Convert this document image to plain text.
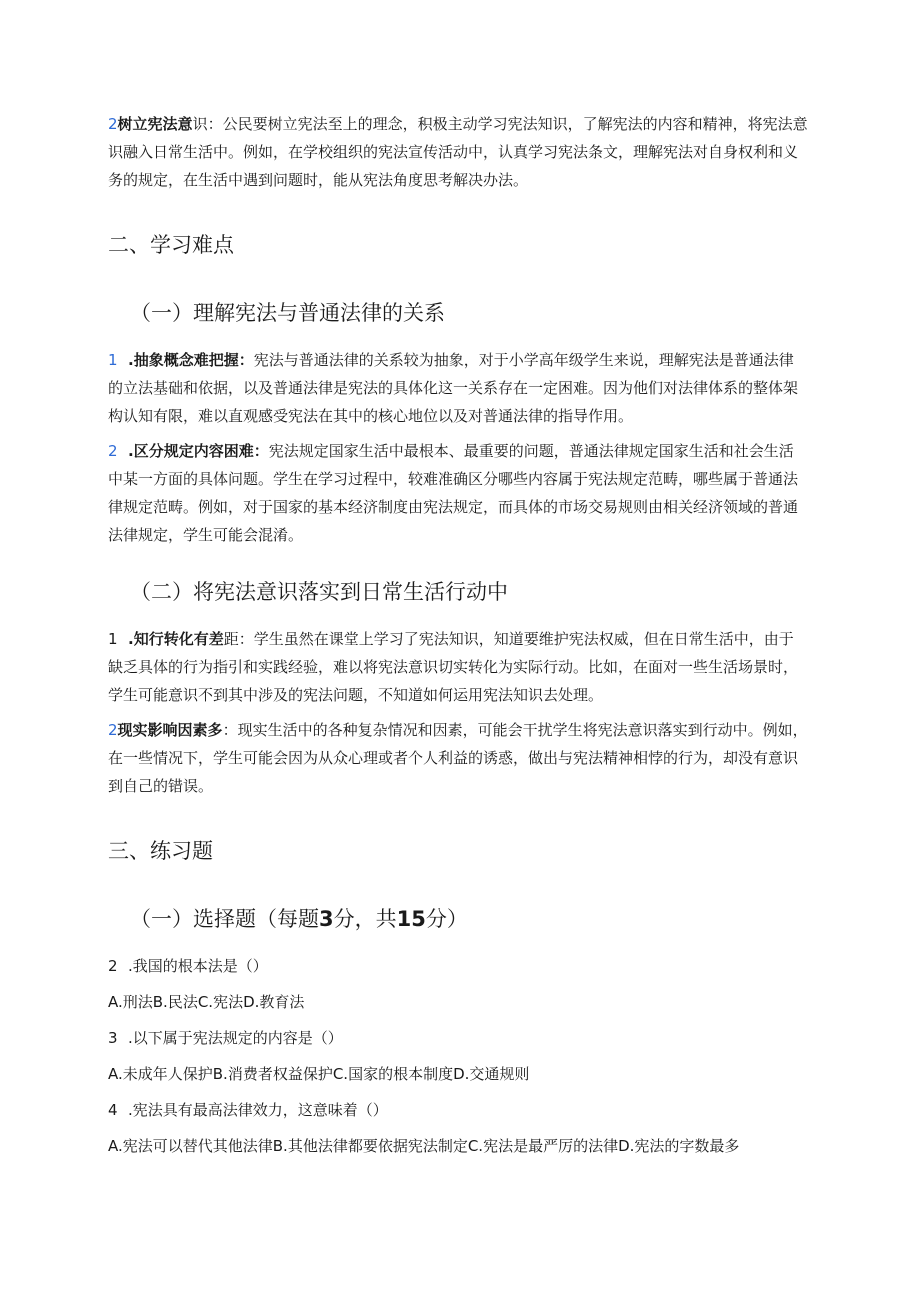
2树立宪法意识：公民要树立宪法至上的理念，积极主动学习宪法知识，了解宪法的内容和精神，将宪法意识融入日常生活中。例如，在学校组织的宪法宣传活动中，认真学习宪法条文，理解宪法对自身权利和义务的规定，在生活中遇到问题时，能从宪法角度思考解决办法。

二、学习难点
（一）理解宪法与普通法律的关系

1 .抽象概念难把握：宪法与普通法律的关系较为抽象，对于小学高年级学生来说，理解宪法是普通法律的立法基础和依据，以及普通法律是宪法的具体化这一关系存在一定困难。因为他们对法律体系的整体架构认知有限，难以直观感受宪法在其中的核心地位以及对普通法律的指导作用。

2 .区分规定内容困难：宪法规定国家生活中最根本、最重要的问题，普通法律规定国家生活和社会生活中某一方面的具体问题。学生在学习过程中，较难准确区分哪些内容属于宪法规定范畴，哪些属于普通法律规定范畴。例如，对于国家的基本经济制度由宪法规定，而具体的市场交易规则由相关经济领域的普通法律规定，学生可能会混淆。

（二）将宪法意识落实到日常生活行动中

1 .知行转化有差距：学生虽然在课堂上学习了宪法知识，知道要维护宪法权威，但在日常生活中，由于缺乏具体的行为指引和实践经验，难以将宪法意识切实转化为实际行动。比如，在面对一些生活场景时，学生可能意识不到其中涉及的宪法问题，不知道如何运用宪法知识去处理。

2现实影响因素多：现实生活中的各种复杂情况和因素，可能会干扰学生将宪法意识落实到行动中。例如，在一些情况下，学生可能会因为从众心理或者个人利益的诱惑，做出与宪法精神相悖的行为，却没有意识到自己的错误。

三、练习题
（一）选择题（每题3分，共15分）

2 .我国的根本法是（）

A.刑法B.民法C.宪法D.教育法

3 .以下属于宪法规定的内容是（）

A.未成年人保护B.消费者权益保护C.国家的根本制度D.交通规则

4 .宪法具有最高法律效力，这意味着（）

A.宪法可以替代其他法律B.其他法律都要依据宪法制定C.宪法是最严厉的法律D.宪法的字数最多
